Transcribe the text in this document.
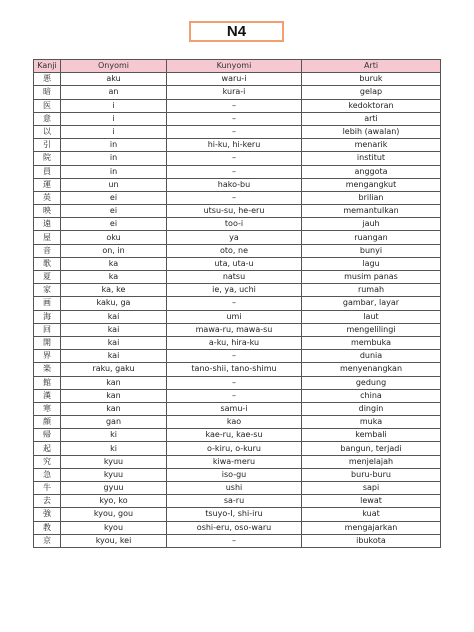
N4
Kanji	Onyomi	Kunyomi	Arti
悪	aku	waru-i	buruk
暗	an	kura-i	gelap
医	i	–	kedoktoran
意	i	–	arti
以	i	–	lebih (awalan)
引	in	hi-ku, hi-keru	menarik
院	in	–	institut
員	in	–	anggota
運	un	hako-bu	mengangkut
英	ei	–	brilian
映	ei	utsu-su, he-eru	memantulkan
遠	ei	too-i	jauh
屋	oku	ya	ruangan
音	on, in	oto, ne	bunyi
歌	ka	uta, uta-u	lagu
夏	ka	natsu	musim panas
家	ka, ke	ie, ya, uchi	rumah
画	kaku, ga	–	gambar, layar
海	kai	umi	laut
回	kai	mawa-ru, mawa-su	mengelilingi
開	kai	a-ku, hira-ku	membuka
界	kai	–	dunia
楽	raku, gaku	tano-shii, tano-shimu	menyenangkan
館	kan	–	gedung
漢	kan	–	china
寒	kan	samu-i	dingin
顔	gan	kao	muka
帰	ki	kae-ru, kae-su	kembali
起	ki	o-kiru, o-kuru	bangun, terjadi
究	kyuu	kiwa-meru	menjelajah
急	kyuu	iso-gu	buru-buru
牛	gyuu	ushi	sapi
去	kyo, ko	sa-ru	lewat
強	kyou, gou	tsuyo-I, shi-iru	kuat
教	kyou	oshi-eru, oso-waru	mengajarkan
京	kyou, kei	–	ibukota
